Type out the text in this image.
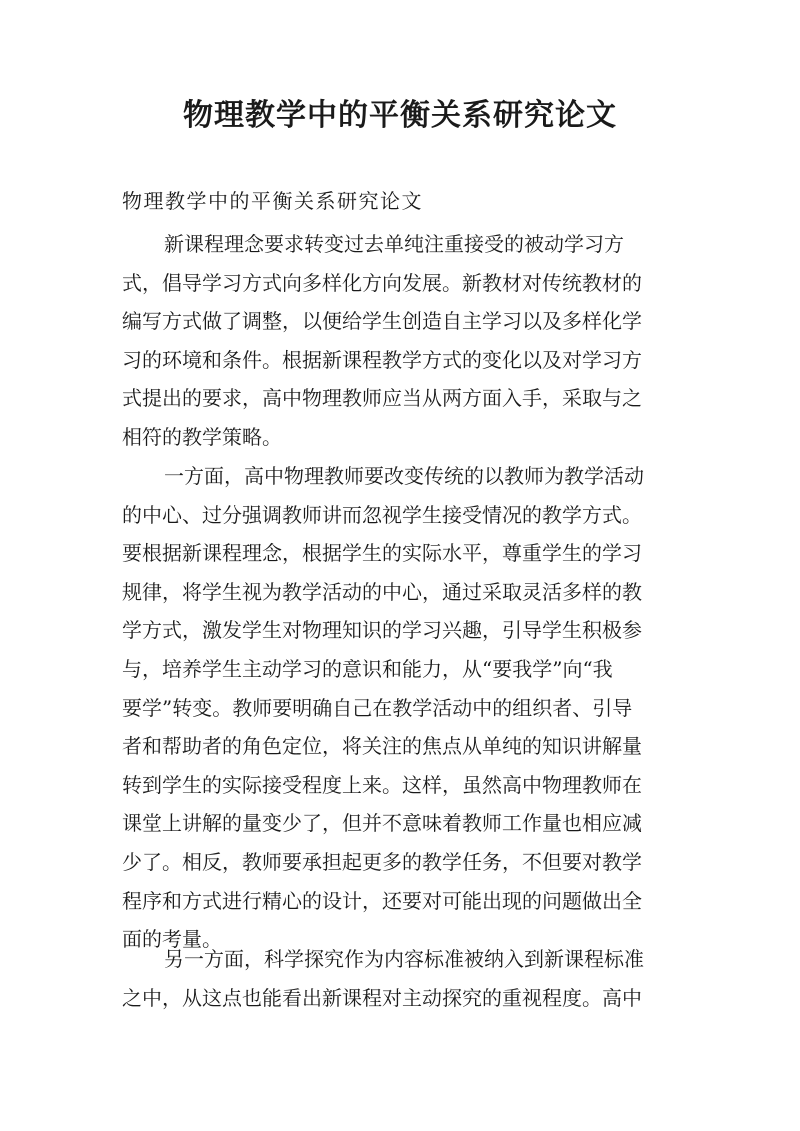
物理教学中的平衡关系研究论文
物理教学中的平衡关系研究论文
新课程理念要求转变过去单纯注重接受的被动学习方
式，倡导学习方式向多样化方向发展。新教材对传统教材的
编写方式做了调整，以便给学生创造自主学习以及多样化学
习的环境和条件。根据新课程教学方式的变化以及对学习方
式提出的要求，高中物理教师应当从两方面入手，采取与之
相符的教学策略。
一方面，高中物理教师要改变传统的以教师为教学活动
的中心、过分强调教师讲而忽视学生接受情况的教学方式。
要根据新课程理念，根据学生的实际水平，尊重学生的学习
规律，将学生视为教学活动的中心，通过采取灵活多样的教
学方式，激发学生对物理知识的学习兴趣，引导学生积极参
与，培养学生主动学习的意识和能力，从“要我学”向“我
要学”转变。教师要明确自己在教学活动中的组织者、引导
者和帮助者的角色定位，将关注的焦点从单纯的知识讲解量
转到学生的实际接受程度上来。这样，虽然高中物理教师在
课堂上讲解的量变少了，但并不意味着教师工作量也相应减
少了。相反，教师要承担起更多的教学任务，不但要对教学
程序和方式进行精心的设计，还要对可能出现的问题做出全
面的考量。
另一方面，科学探究作为内容标准被纳入到新课程标准
之中，从这点也能看出新课程对主动探究的重视程度。高中
